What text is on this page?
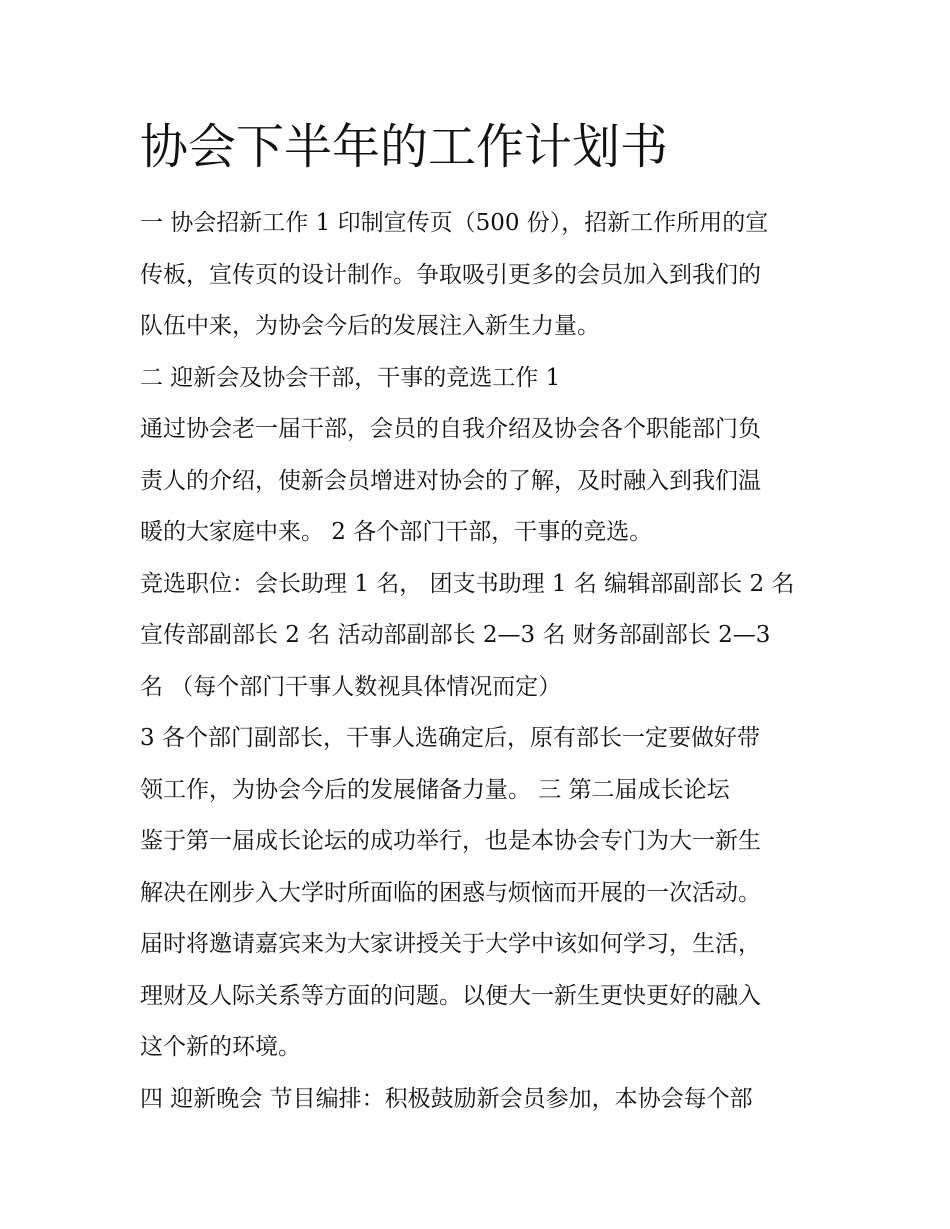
协会下半年的工作计划书
一 协会招新工作 1 印制宣传页（500 份），招新工作所用的宣
传板，宣传页的设计制作。争取吸引更多的会员加入到我们的
队伍中来，为协会今后的发展注入新生力量。
二 迎新会及协会干部，干事的竞选工作 1
通过协会老一届干部，会员的自我介绍及协会各个职能部门负
责人的介绍，使新会员增进对协会的了解，及时融入到我们温
暖的大家庭中来。 2 各个部门干部，干事的竞选。
竞选职位：会长助理 1 名， 团支书助理 1 名 编辑部副部长 2 名
宣传部副部长 2 名 活动部副部长 2—3 名 财务部副部长 2—3
名 （每个部门干事人数视具体情况而定）
3 各个部门副部长，干事人选确定后，原有部长一定要做好带
领工作，为协会今后的发展储备力量。 三 第二届成长论坛
鉴于第一届成长论坛的成功举行，也是本协会专门为大一新生
解决在刚步入大学时所面临的困惑与烦恼而开展的一次活动。
届时将邀请嘉宾来为大家讲授关于大学中该如何学习，生活，
理财及人际关系等方面的问题。以便大一新生更快更好的融入
这个新的环境。
四 迎新晚会 节目编排：积极鼓励新会员参加，本协会每个部
